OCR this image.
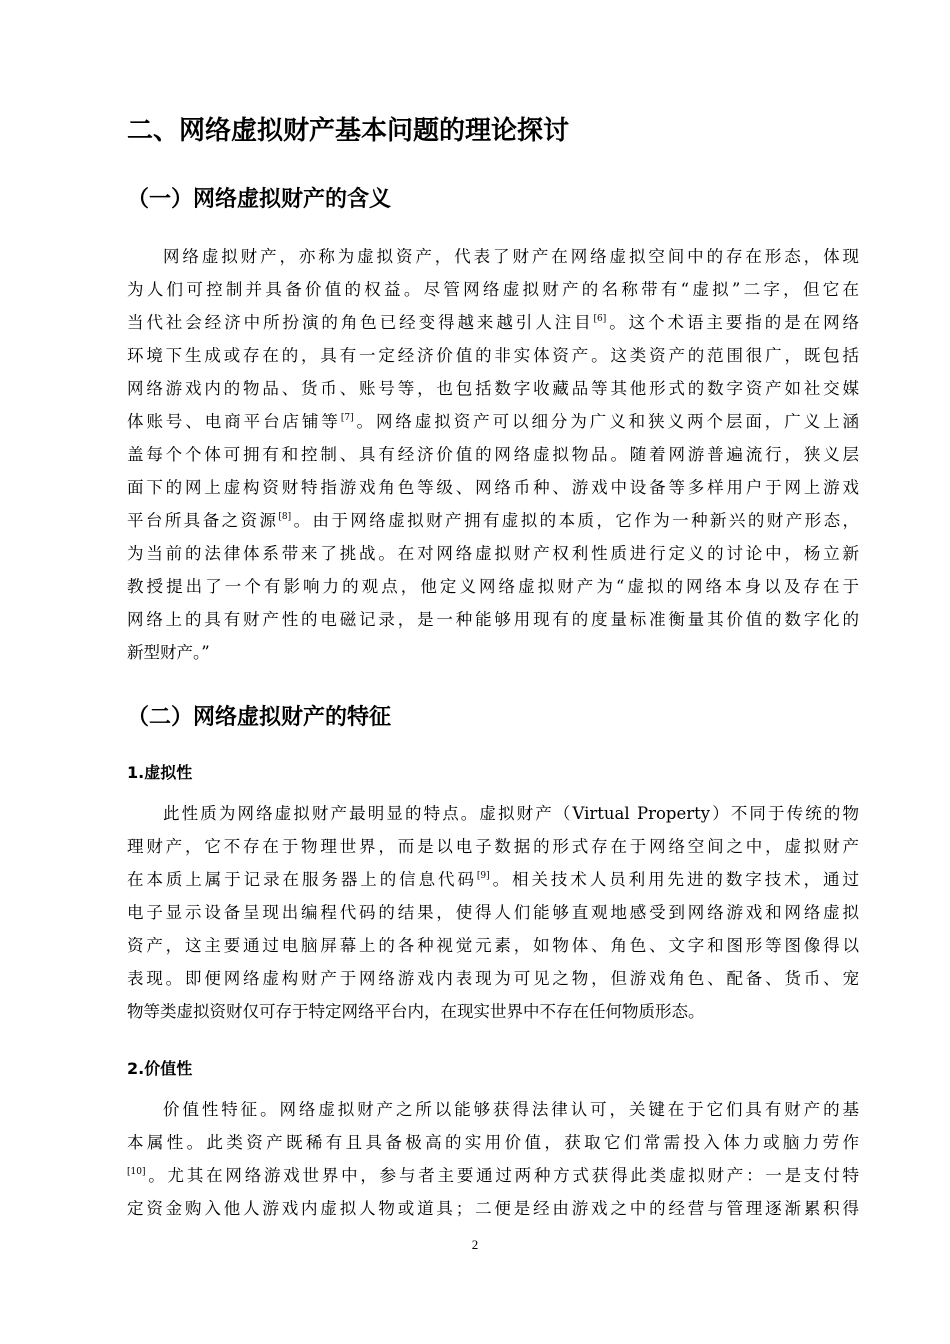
二、网络虚拟财产基本问题的理论探讨
（一）网络虚拟财产的含义
网络虚拟财产，亦称为虚拟资产，代表了财产在网络虚拟空间中的存在形态，体现
为人们可控制并具备价值的权益。尽管网络虚拟财产的名称带有“虚拟”二字，但它在
当代社会经济中所扮演的角色已经变得越来越引人注目[6]。这个术语主要指的是在网络
环境下生成或存在的，具有一定经济价值的非实体资产。这类资产的范围很广，既包括
网络游戏内的物品、货币、账号等，也包括数字收藏品等其他形式的数字资产如社交媒
体账号、电商平台店铺等[7]。网络虚拟资产可以细分为广义和狭义两个层面，广义上涵
盖每个个体可拥有和控制、具有经济价值的网络虚拟物品。随着网游普遍流行，狭义层
面下的网上虚构资财特指游戏角色等级、网络币种、游戏中设备等多样用户于网上游戏
平台所具备之资源[8]。由于网络虚拟财产拥有虚拟的本质，它作为一种新兴的财产形态，
为当前的法律体系带来了挑战。在对网络虚拟财产权利性质进行定义的讨论中，杨立新
教授提出了一个有影响力的观点，他定义网络虚拟财产为“虚拟的网络本身以及存在于
网络上的具有财产性的电磁记录，是一种能够用现有的度量标准衡量其价值的数字化的
新型财产。”
（二）网络虚拟财产的特征
1.虚拟性
此性质为网络虚拟财产最明显的特点。虚拟财产（Virtual Property）不同于传统的物
理财产，它不存在于物理世界，而是以电子数据的形式存在于网络空间之中，虚拟财产
在本质上属于记录在服务器上的信息代码[9]。相关技术人员利用先进的数字技术，通过
电子显示设备呈现出编程代码的结果，使得人们能够直观地感受到网络游戏和网络虚拟
资产，这主要通过电脑屏幕上的各种视觉元素，如物体、角色、文字和图形等图像得以
表现。即便网络虚构财产于网络游戏内表现为可见之物，但游戏角色、配备、货币、宠
物等类虚拟资财仅可存于特定网络平台内，在现实世界中不存在任何物质形态。
2.价值性
价值性特征。网络虚拟财产之所以能够获得法律认可，关键在于它们具有财产的基
本属性。此类资产既稀有且具备极高的实用价值，获取它们常需投入体力或脑力劳作
[10]。尤其在网络游戏世界中，参与者主要通过两种方式获得此类虚拟财产：一是支付特
定资金购入他人游戏内虚拟人物或道具；二便是经由游戏之中的经营与管理逐渐累积得
2
